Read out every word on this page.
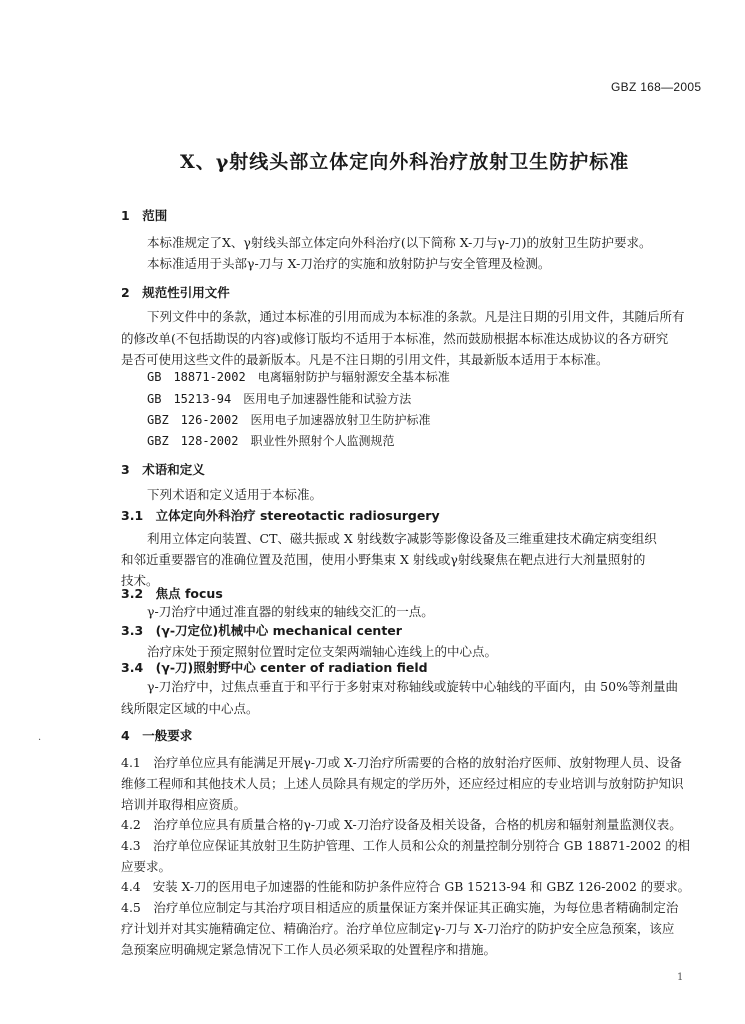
GBZ 168—2005
X、γ射线头部立体定向外科治疗放射卫生防护标准
1　范围
本标准规定了X、γ射线头部立体定向外科治疗(以下简称 X-刀与γ-刀)的放射卫生防护要求。
本标准适用于头部γ-刀与 X-刀治疗的实施和放射防护与安全管理及检测。
2　规范性引用文件
下列文件中的条款，通过本标准的引用而成为本标准的条款。凡是注日期的引用文件，其随后所有
的修改单(不包括勘误的内容)或修订版均不适用于本标准，然而鼓励根据本标准达成协议的各方研究
是否可使用这些文件的最新版本。凡是不注日期的引用文件，其最新版本适用于本标准。
GB　18871-2002　电离辐射防护与辐射源安全基本标准
GB　15213-94　医用电子加速器性能和试验方法
GBZ　126-2002　医用电子加速器放射卫生防护标准
GBZ　128-2002　职业性外照射个人监测规范
3　术语和定义
下列术语和定义适用于本标准。
3.1　立体定向外科治疗 stereotactic radiosurgery
利用立体定向装置、CT、磁共振或 X 射线数字减影等影像设备及三维重建技术确定病变组织
和邻近重要器官的准确位置及范围，使用小野集束 X 射线或γ射线聚焦在靶点进行大剂量照射的
技术。
3.2　焦点 focus
γ-刀治疗中通过准直器的射线束的轴线交汇的一点。
3.3　(γ-刀定位)机械中心 mechanical center
治疗床处于预定照射位置时定位支架两端轴心连线上的中心点。
3.4　(γ-刀)照射野中心 center of radiation field
γ-刀治疗中，过焦点垂直于和平行于多射束对称轴线或旋转中心轴线的平面内，由 50%等剂量曲
线所限定区域的中心点。
·	4　一般要求
4.1　治疗单位应具有能满足开展γ-刀或 X-刀治疗所需要的合格的放射治疗医师、放射物理人员、设备
维修工程师和其他技术人员；上述人员除具有规定的学历外，还应经过相应的专业培训与放射防护知识
培训并取得相应资质。
4.2　治疗单位应具有质量合格的γ-刀或 X-刀治疗设备及相关设备，合格的机房和辐射剂量监测仪表。
4.3　治疗单位应保证其放射卫生防护管理、工作人员和公众的剂量控制分别符合 GB 18871-2002 的相
应要求。
4.4　安装 X-刀的医用电子加速器的性能和防护条件应符合 GB 15213-94 和 GBZ 126-2002 的要求。
4.5　治疗单位应制定与其治疗项目相适应的质量保证方案并保证其正确实施，为每位患者精确制定治
疗计划并对其实施精确定位、精确治疗。治疗单位应制定γ-刀与 X-刀治疗的防护安全应急预案，该应
急预案应明确规定紧急情况下工作人员必须采取的处置程序和措施。
1
